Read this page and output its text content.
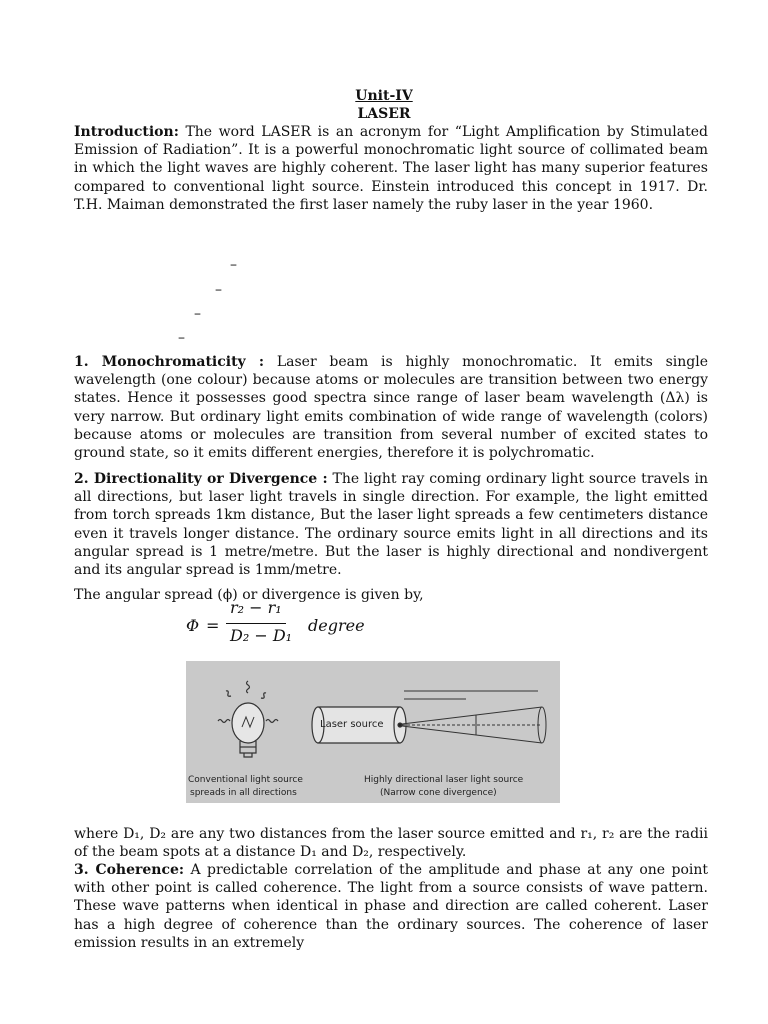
Unit-IV
LASER

Introduction: The word LASER is an acronym for “Light Amplification by Stimulated Emission of Radiation”. It is a powerful monochromatic light source of collimated beam in which the light waves are highly coherent. The laser light has many superior features compared to conventional light source. Einstein introduced this concept in 1917. Dr. T.H. Maiman demonstrated the first laser namely the ruby laser in the year 1960.

–
–
–
–

1. Monochromaticity : Laser beam is highly monochromatic. It emits single wavelength (one colour) because atoms or molecules are transition between two energy states. Hence it possesses good spectra since range of laser beam wavelength (Δλ) is very narrow. But ordinary light emits combination of wide range of wavelength (colors) because atoms or molecules are transition from several number of excited states to ground state, so it emits different energies, therefore it is polychromatic.

2. Directionality or Divergence : The light ray coming ordinary light source travels in all directions, but laser light travels in single direction. For example, the light emitted from torch spreads 1km distance, But the laser light spreads a few centimeters distance even it travels longer distance. The ordinary source emits light in all directions and its angular spread is 1 metre/metre. But the laser is highly directional and nondivergent and its angular spread is 1mm/metre.

The angular spread (ϕ) or divergence is given by,

Φ =
r₂ − r₁
D₂ − D₁
degree
Laser source
Conventional light source
spreads in all directions
Highly directional laser light source
(Narrow cone divergence)

where D₁, D₂ are any two distances from the laser source emitted and r₁, r₂ are the radii of the beam spots at a distance D₁ and D₂, respectively.

3. Coherence: A predictable correlation of the amplitude and phase at any one point with other point is called coherence. The light from a source consists of wave pattern. These wave patterns when identical in phase and direction are called coherent. Laser has a high degree of coherence than the ordinary sources. The coherence of laser emission results in an extremely
